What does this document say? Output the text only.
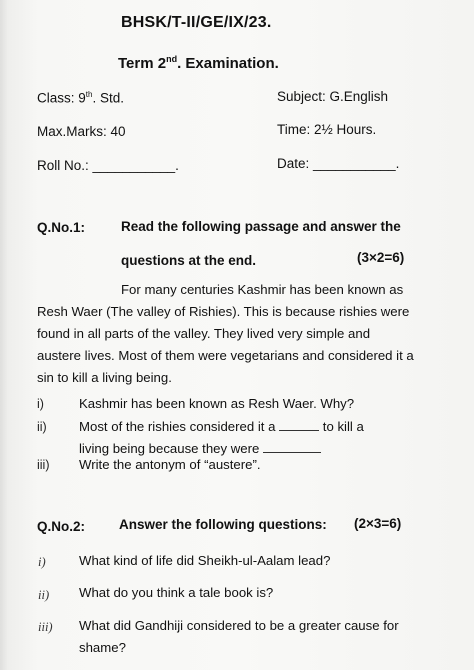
BHSK/T-II/GE/IX/23.
Term 2nd. Examination.
Class: 9th. Std.	Subject: G.English
Max.Marks: 40	Time: 2½ Hours.
Roll No.: ___________.	Date: ___________.
Q.No.1:	Read the following passage and answer the
questions at the end.	(3×2=6)

For many centuries Kashmir has been known as Resh Waer (The valley of Rishies). This is because rishies were found in all parts of the valley. They lived very simple and austere lives. Most of them were vegetarians and considered it a sin to kill a living being.

i)	Kashmir has been known as Resh Waer. Why?
ii) Most of the rishies considered it a	to kill a
living being because they were
iii) Write the antonym of “austere”.
Q.No.2:	Answer the following questions: (2×3=6)
i)	What kind of life did Sheikh-ul-Aalam lead?
ii) What do you think a tale book is?
iii) What did Gandhiji considered to be a greater cause for
shame?
